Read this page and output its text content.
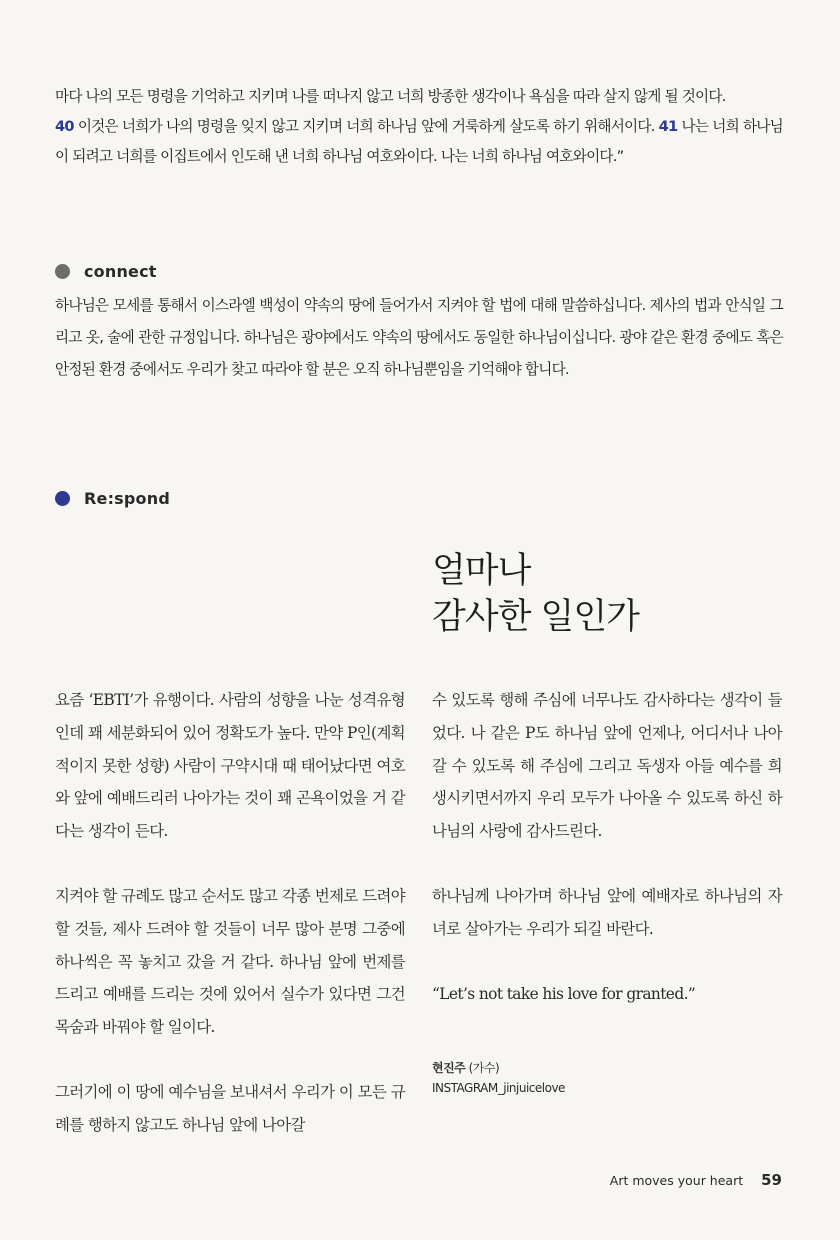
마다 나의 모든 명령을 기억하고 지키며 나를 떠나지 않고 너희 방종한 생각이나 욕심을 따라 살지 않게 될 것이다.
40 이것은 너희가 나의 명령을 잊지 않고 지키며 너희 하나님 앞에 거룩하게 살도록 하기 위해서이다. 41 나는 너희 하나님이 되려고 너희를 이집트에서 인도해 낸 너희 하나님 여호와이다. 나는 너희 하나님 여호와이다.”
connect
하나님은 모세를 통해서 이스라엘 백성이 약속의 땅에 들어가서 지켜야 할 법에 대해 말씀하십니다. 제사의 법과 안식일 그리고 옷, 술에 관한 규정입니다. 하나님은 광야에서도 약속의 땅에서도 동일한 하나님이십니다. 광야 같은 환경 중에도 혹은 안정된 환경 중에서도 우리가 찾고 따라야 할 분은 오직 하나님뿐임을 기억해야 합니다.
Re:spond
얼마나
감사한 일인가

요즘 ‘EBTI’가 유행이다. 사람의 성향을 나눈 성격유형인데 꽤 세분화되어 있어 정확도가 높다. 만약 P인(계획적이지 못한 성향) 사람이 구약시대 때 태어났다면 여호와 앞에 예배드리러 나아가는 것이 꽤 곤욕이었을 거 같다는 생각이 든다.

지켜야 할 규례도 많고 순서도 많고 각종 번제로 드려야 할 것들, 제사 드려야 할 것들이 너무 많아 분명 그중에 하나씩은 꼭 놓치고 갔을 거 같다. 하나님 앞에 번제를 드리고 예배를 드리는 것에 있어서 실수가 있다면 그건 목숨과 바꿔야 할 일이다.

그러기에 이 땅에 예수님을 보내셔서 우리가 이 모든 규례를 행하지 않고도 하나님 앞에 나아갈

수 있도록 행해 주심에 너무나도 감사하다는 생각이 들었다. 나 같은 P도 하나님 앞에 언제나, 어디서나 나아갈 수 있도록 해 주심에 그리고 독생자 아들 예수를 희생시키면서까지 우리 모두가 나아올 수 있도록 하신 하나님의 사랑에 감사드린다.

하나님께 나아가며 하나님 앞에 예배자로 하나님의 자녀로 살아가는 우리가 되길 바란다.

“Let’s not take his love for granted.”

현진주 (가수)
INSTAGRAM_jinjuicelove
Art moves your heart 59
